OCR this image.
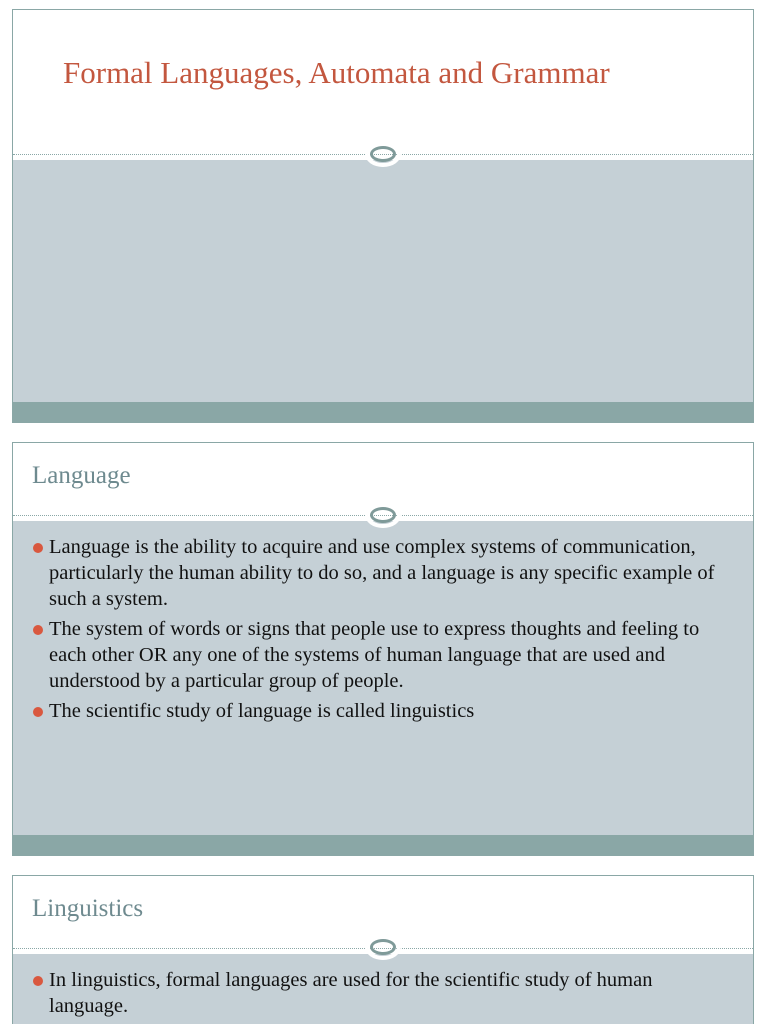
Formal Languages, Automata and Grammar
Language
Language is the ability to acquire and use complex systems of communication, particularly the human ability to do so, and a language is any specific example of such a system.
The system of words or signs that people use to express thoughts and feeling to each other OR any one of the systems of human language that are used and understood by a particular group of people.
The scientific study of language is called linguistics
Linguistics
In linguistics, formal languages are used for the scientific study of human language.
